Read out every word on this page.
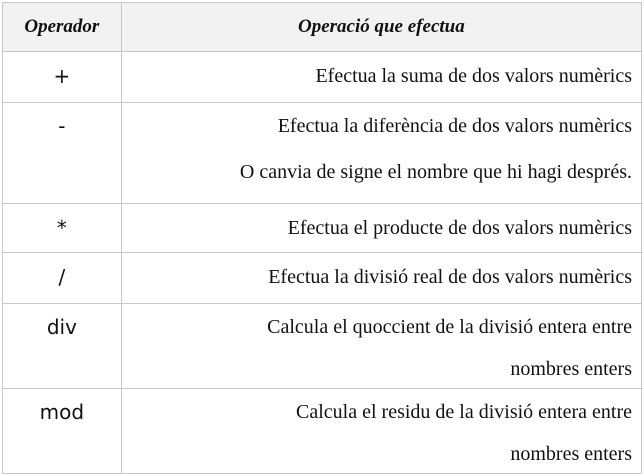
Operador	Operació que efectua

+	Efectua la suma de dos valors numèrics

-	Efectua la diferència de dos valors numèrics
O canvia de signe el nombre que hi hagi després.

*	Efectua el producte de dos valors numèrics

/	Efectua la divisió real de dos valors numèrics

div	Calcula el quoccient de la divisió entera entre
nombres enters

mod	Calcula el residu de la divisió entera entre
nombres enters
